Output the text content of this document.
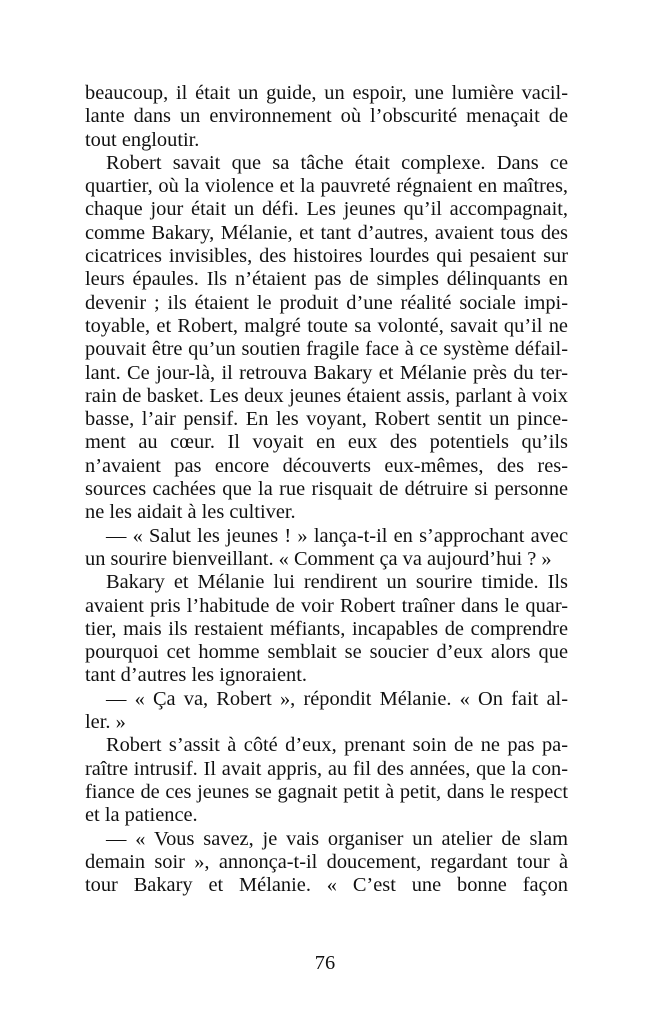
beaucoup, il était un guide, un espoir, une lumière vacil-
lante dans un environnement où l’obscurité menaçait de
tout engloutir.
Robert savait que sa tâche était complexe. Dans ce
quartier, où la violence et la pauvreté régnaient en maîtres,
chaque jour était un défi. Les jeunes qu’il accompagnait,
comme Bakary, Mélanie, et tant d’autres, avaient tous des
cicatrices invisibles, des histoires lourdes qui pesaient sur
leurs épaules. Ils n’étaient pas de simples délinquants en
devenir ; ils étaient le produit d’une réalité sociale impi-
toyable, et Robert, malgré toute sa volonté, savait qu’il ne
pouvait être qu’un soutien fragile face à ce système défail-
lant. Ce jour-là, il retrouva Bakary et Mélanie près du ter-
rain de basket. Les deux jeunes étaient assis, parlant à voix
basse, l’air pensif. En les voyant, Robert sentit un pince-
ment au cœur. Il voyait en eux des potentiels qu’ils
n’avaient pas encore découverts eux-mêmes, des res-
sources cachées que la rue risquait de détruire si personne
ne les aidait à les cultiver.
— « Salut les jeunes ! » lança-t-il en s’approchant avec
un sourire bienveillant. « Comment ça va aujourd’hui ? »
Bakary et Mélanie lui rendirent un sourire timide. Ils
avaient pris l’habitude de voir Robert traîner dans le quar-
tier, mais ils restaient méfiants, incapables de comprendre
pourquoi cet homme semblait se soucier d’eux alors que
tant d’autres les ignoraient.
— « Ça va, Robert », répondit Mélanie. « On fait al-
ler. »
Robert s’assit à côté d’eux, prenant soin de ne pas pa-
raître intrusif. Il avait appris, au fil des années, que la con-
fiance de ces jeunes se gagnait petit à petit, dans le respect
et la patience.
— « Vous savez, je vais organiser un atelier de slam
demain soir », annonça-t-il doucement, regardant tour à
tour Bakary et Mélanie. « C’est une bonne façon
76
